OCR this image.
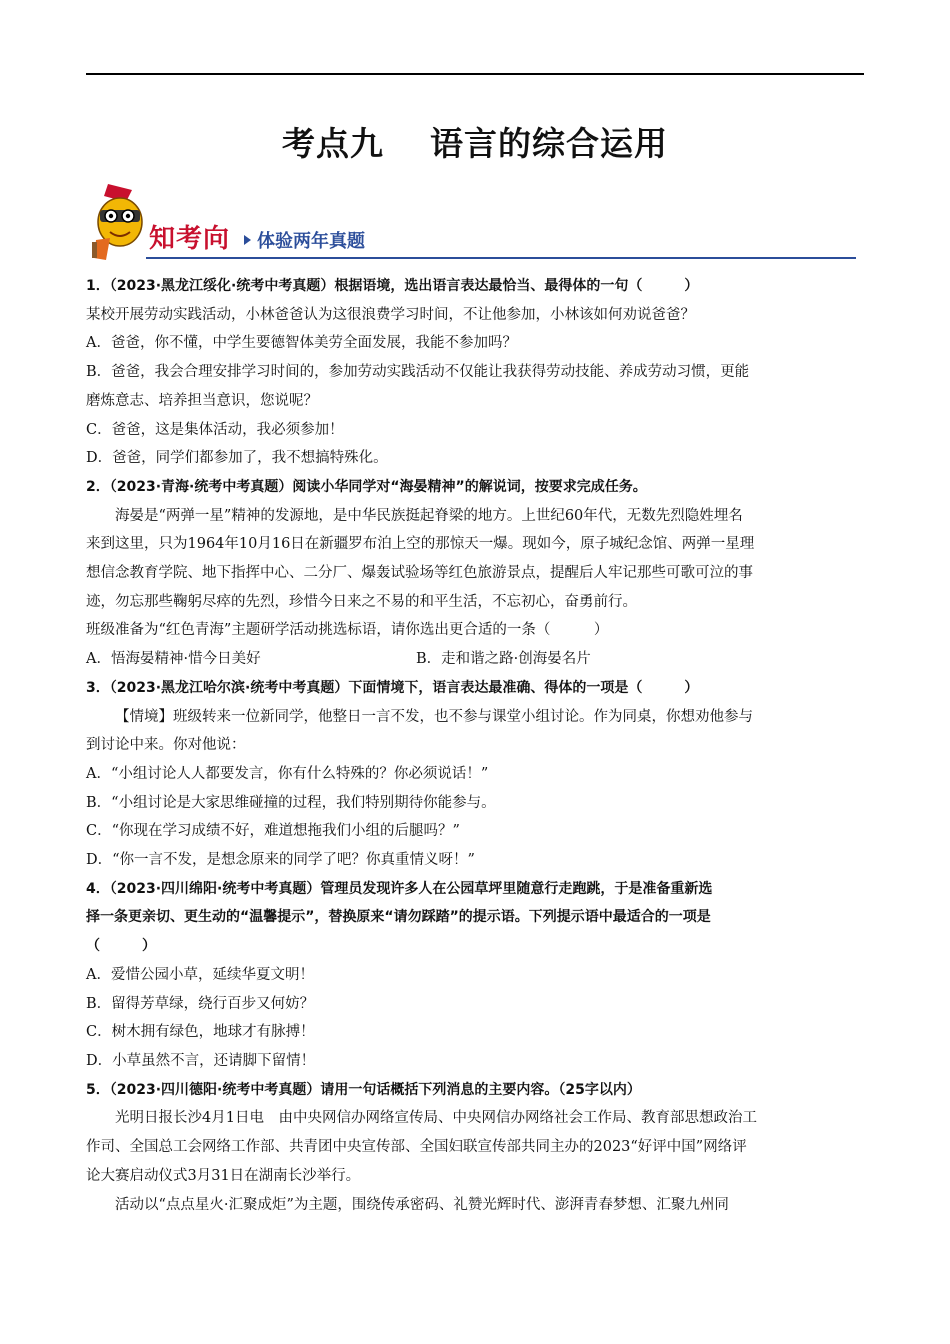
考点九 语言的综合运用
知考向 体验两年真题

1．（2023·黑龙江绥化·统考中考真题）根据语境，选出语言表达最恰当、最得体的一句（　　　）

某校开展劳动实践活动，小林爸爸认为这很浪费学习时间，不让他参加，小林该如何劝说爸爸？

A．爸爸，你不懂，中学生要德智体美劳全面发展，我能不参加吗？

B．爸爸，我会合理安排学习时间的，参加劳动实践活动不仅能让我获得劳动技能、养成劳动习惯，更能

磨炼意志、培养担当意识，您说呢？

C．爸爸，这是集体活动，我必须参加！

D．爸爸，同学们都参加了，我不想搞特殊化。

2．（2023·青海·统考中考真题）阅读小华同学对“海晏精神”的解说词，按要求完成任务。

海晏是“两弹一星”精神的发源地，是中华民族挺起脊梁的地方。上世纪60年代，无数先烈隐姓埋名

来到这里，只为1964年10月16日在新疆罗布泊上空的那惊天一爆。现如今，原子城纪念馆、两弹一星理

想信念教育学院、地下指挥中心、二分厂、爆轰试验场等红色旅游景点，提醒后人牢记那些可歌可泣的事

迹，勿忘那些鞠躬尽瘁的先烈，珍惜今日来之不易的和平生活，不忘初心，奋勇前行。

班级准备为“红色青海”主题研学活动挑选标语，请你选出更合适的一条（　　　）

A．悟海晏精神·惜今日美好	B．走和谐之路·创海晏名片

3．（2023·黑龙江哈尔滨·统考中考真题）下面情境下，语言表达最准确、得体的一项是（　　　）

【情境】班级转来一位新同学，他整日一言不发，也不参与课堂小组讨论。作为同桌，你想劝他参与

到讨论中来。你对他说：

A．“小组讨论人人都要发言，你有什么特殊的？你必须说话！”

B．“小组讨论是大家思维碰撞的过程，我们特别期待你能参与。

C．“你现在学习成绩不好，难道想拖我们小组的后腿吗？”

D．“你一言不发，是想念原来的同学了吧？你真重情义呀！”

4．（2023·四川绵阳·统考中考真题）管理员发现许多人在公园草坪里随意行走跑跳，于是准备重新选

择一条更亲切、更生动的“温馨提示”，替换原来“请勿踩踏”的提示语。下列提示语中最适合的一项是

（　　　）

A．爱惜公园小草，延续华夏文明！

B．留得芳草绿，绕行百步又何妨？

C．树木拥有绿色，地球才有脉搏！

D．小草虽然不言，还请脚下留情！

5．（2023·四川德阳·统考中考真题）请用一句话概括下列消息的主要内容。（25字以内）

光明日报长沙4月1日电　由中央网信办网络宣传局、中央网信办网络社会工作局、教育部思想政治工

作司、全国总工会网络工作部、共青团中央宣传部、全国妇联宣传部共同主办的2023“好评中国”网络评

论大赛启动仪式3月31日在湖南长沙举行。

活动以“点点星火·汇聚成炬”为主题，围绕传承密码、礼赞光辉时代、澎湃青春梦想、汇聚九州同
